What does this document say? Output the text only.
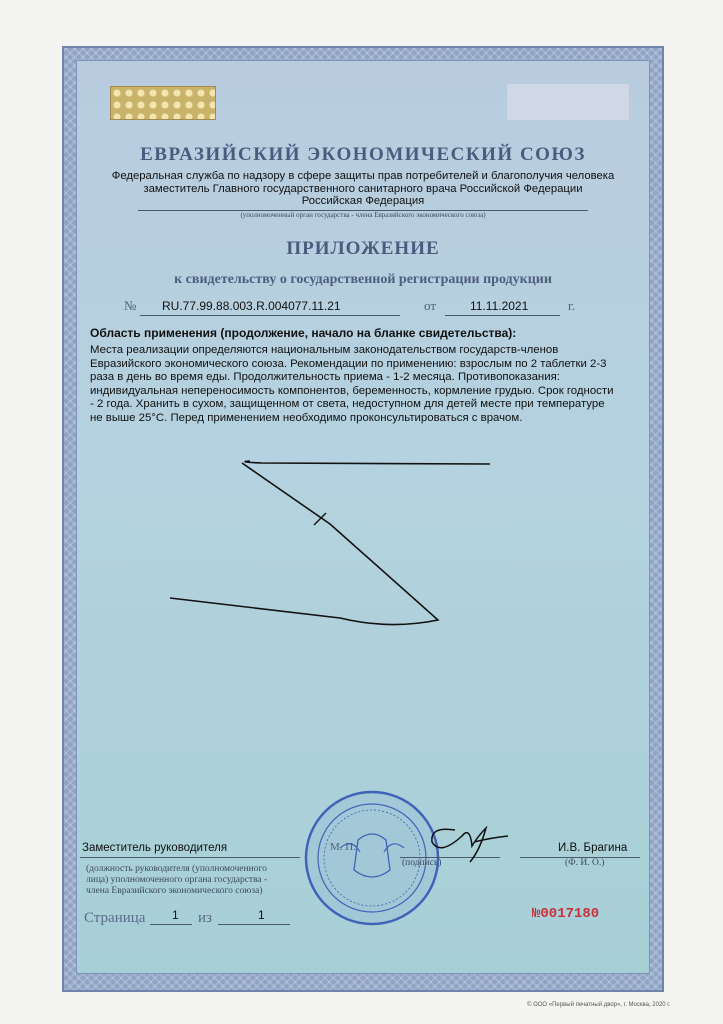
ЕВРАЗИЙСКИЙ ЭКОНОМИЧЕСКИЙ СОЮЗ
Федеральная служба по надзору в сфере защиты прав потребителей и благополучия человека
заместитель Главного государственного санитарного врача Российской Федерации
Российская Федерация
(уполномоченный орган государства - члена Евразийского экономического союза)
ПРИЛОЖЕНИЕ
к свидетельству о государственной регистрации продукции
№ RU.77.99.88.003.R.004077.11.21	от	11.11.2021	г.
Область применения (продолжение, начало на бланке свидетельства):
Места реализации определяются национальным законодательством государств-членов
Евразийского экономического союза. Рекомендации по применению: взрослым по 2 таблетки 2-3
раза в день во время еды. Продолжительность приема - 1-2 месяца. Противопоказания:
индивидуальная непереносимость компонентов, беременность, кормление грудью. Срок годности
- 2 года. Хранить в сухом, защищенном от света, недоступном для детей месте при температуре
не выше 25°С. Перед применением необходимо проконсультироваться с врачом.
Заместитель руководителя	М. П.
(подпись)
И.В. Брагина
(Ф. И. О.)
(должность руководителя (уполномоченного
лица) уполномоченного органа государства -
члена Евразийского экономического союза)
Страница 1 из	1	№0017180
© ООО «Первый печатный двор», г. Москва, 2020 г.
